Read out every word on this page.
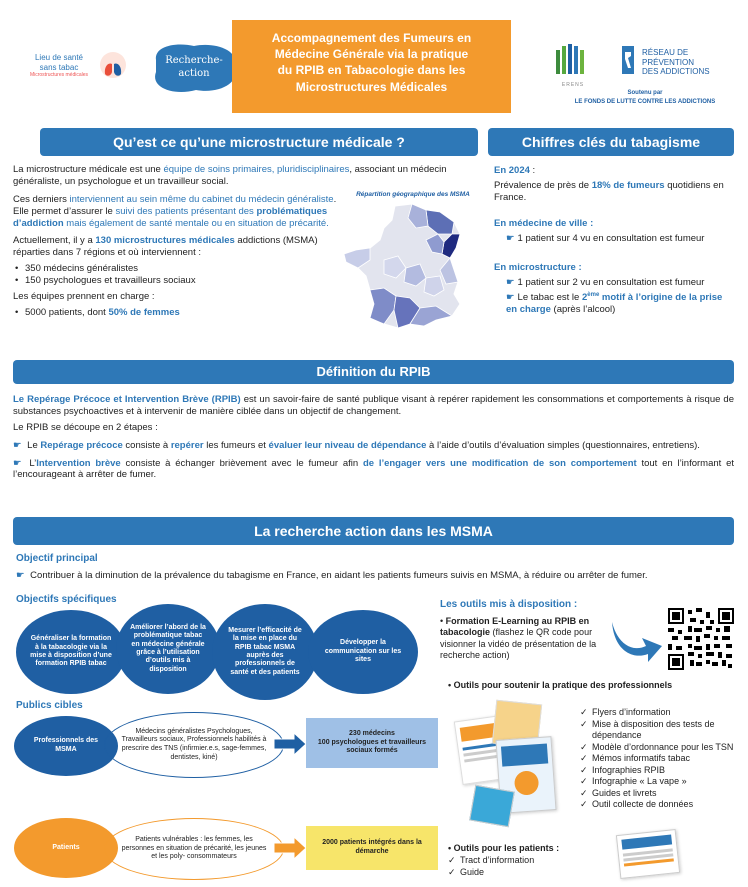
Lieu de santé
sans tabac
Microstructures médicales
Recherche-
action
Accompagnement des Fumeurs en
Médecine Générale via la pratique
du RPIB en Tabacologie dans les
Microstructures Médicales	ERENS
RÉSEAU DE
PRÉVENTION
DES ADDICTIONS
Soutenu par
LE FONDS DE LUTTE CONTRE LES ADDICTIONS
Qu’est ce qu’une microstructure médicale ?

La microstructure médicale est une équipe de soins primaires, pluridisciplinaires, associant un médecin généraliste, un psychologue et un travailleur social.

Ces derniers interviennent au sein même du cabinet du médecin généraliste. Elle permet d’assurer le suivi des patients présentant des problématiques d’addiction mais également de santé mentale ou en situation de précarité.

Actuellement, il y a 130 microstructures médicales addictions (MSMA) réparties dans 7 régions et où interviennent :

• 350 médecins généralistes
• 150 psychologues et travailleurs sociaux

Les équipes prennent en charge :

• 5000 patients, dont 50% de femmes
Répartition géographique des MSMA
Chiffres clés du tabagisme

En 2024 :

Prévalence de près de 18% de fumeurs quotidiens en France.

En médecine de ville :

☛ 1 patient sur 4 vu en consultation est fumeur

En microstructure :

☛ 1 patient sur 2 vu en consultation est fumeur

☛ Le tabac est le 2ème motif à l’origine de la prise en charge (après l’alcool)

Définition du RPIB

Le Repérage Précoce et Intervention Brève (RPIB) est un savoir-faire de santé publique visant à repérer rapidement les consommations et comportements à risque de substances psychoactives et à intervenir de manière ciblée dans un objectif de changement.

Le RPIB se découpe en 2 étapes :

☛ Le Repérage précoce consiste à repérer les fumeurs et évaluer leur niveau de dépendance à l’aide d’outils d’évaluation simples (questionnaires, entretiens).

☛ L’Intervention brève consiste à échanger brièvement avec le fumeur afin de l’engager vers une modification de son comportement tout en l’informant et l’encourageant à arrêter de fumer.

La recherche action dans les MSMA
Objectif principal
☛ Contribuer à la diminution de la prévalence du tabagisme en France, en aidant les patients fumeurs suivis en MSMA, à réduire ou arrêter de fumer.
Objectifs spécifiques
Généraliser la formation à la tabacologie via la mise à disposition d’une formation RPIB tabac
Améliorer l’abord de la problématique tabac en médecine générale grâce à l’utilisation d’outils mis à disposition
Mesurer l’efficacité de la mise en place du RPIB tabac MSMA auprès des professionnels de santé et des patients
Développer la communication sur les sites
Publics cibles
Professionnels des MSMA
Médecins généralistes Psychologues, Travailleurs sociaux, Professionnels habilités à prescrire des TNS (infirmier.e.s, sage-femmes, dentistes, kiné)
230 médecins
100 psychologues et travailleurs sociaux formés
Patients
Patients vulnérables : les femmes, les personnes en situation de précarité, les jeunes et les poly- consommateurs
2000 patients intégrés dans la démarche
Les outils mis à disposition :
• Formation E-Learning au RPIB en tabacologie (flashez le QR code pour visionner la vidéo de présentation de la recherche action)
• Outils pour soutenir la pratique des professionnels
✓ Flyers d’information
✓ Mise à disposition des tests de dépendance
✓ Modèle d’ordonnance pour les TSN
✓ Mémos informatifs tabac
✓ Infographies RPIB
✓ Infographie « La vape »
✓ Guides et livrets
✓ Outil collecte de données
• Outils pour les patients :
✓ Tract d’information
✓ Guide
